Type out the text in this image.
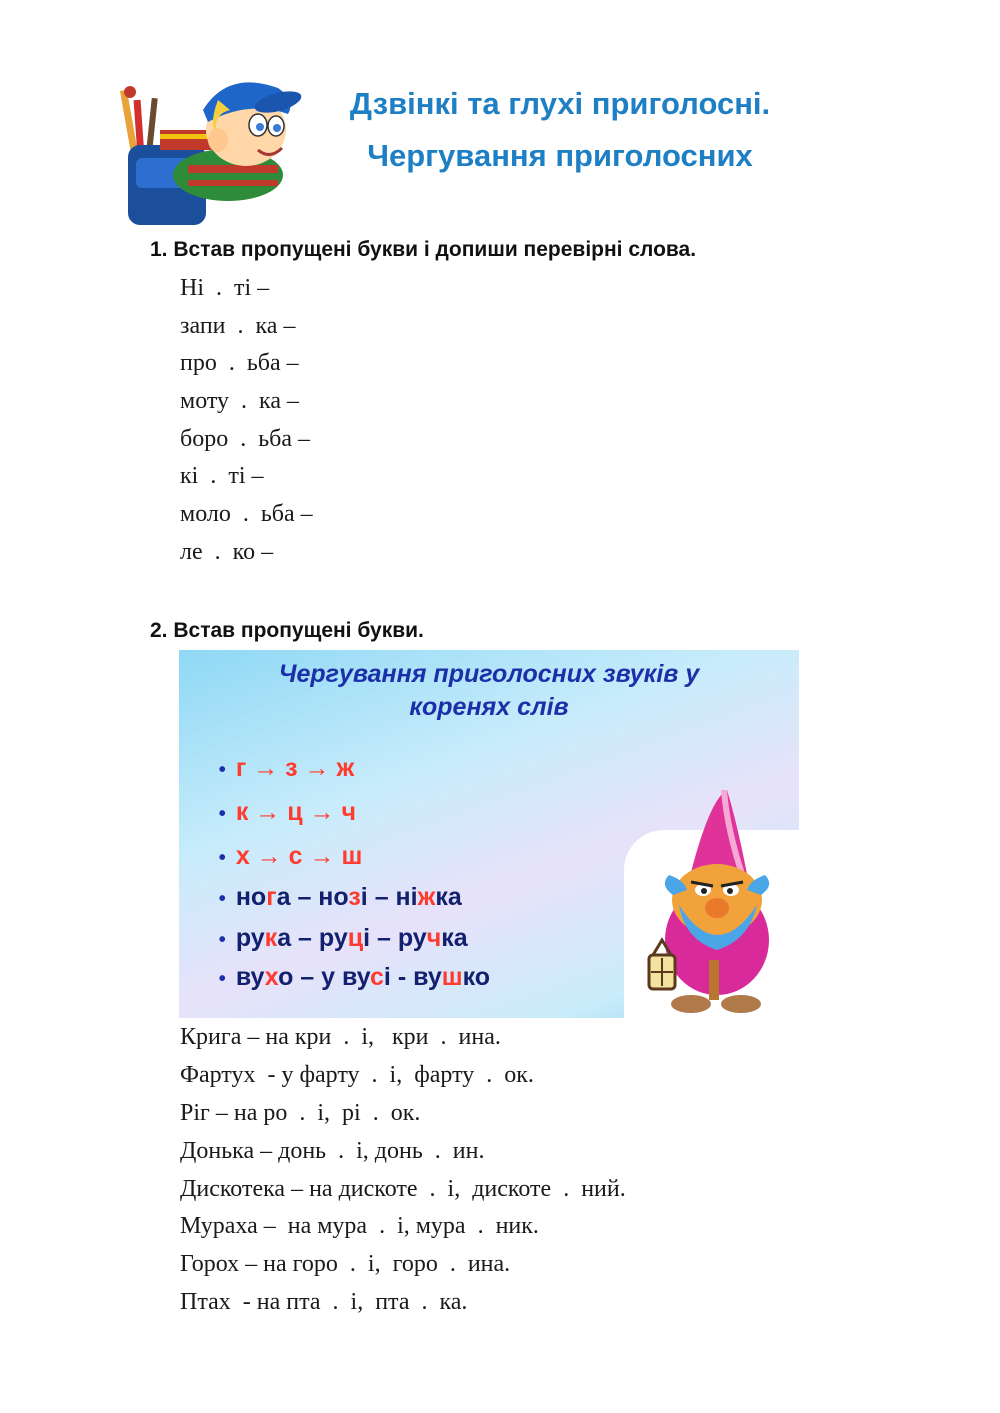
Дзвінкі та глухі приголосні.
Чергування приголосних
1. Встав пропущені букви і допиши перевірні слова.
Ні  .  ті –
запи  .  ка –
про  .  ьба –
моту  .  ка –
боро  .  ьба –
кі  .  ті –
моло  .  ьба –
ле  .  ко –
2. Встав пропущені букви.
Чергування приголосних звуків у
коренях слів

• г → з → ж

• к → ц → ч

• х → с → ш

• нога – нозі – ніжка

• рука – руці – ручка

• вухо – у вусі - вушко

Крига – на кри  .  і,   кри  .  ина.
Фартух  - у фарту  .  і,  фарту  .  ок.
Ріг – на ро  .  і,  рі  .  ок.
Донька – донь  .  і, донь  .  ин.
Дискотека – на дискоте  .  і,  дискоте  .  ний.
Мураха –  на мура  .  і, мура  .  ник.
Горох – на горо  .  і,  горо  .  ина.
Птах  - на пта  .  і,  пта  .  ка.
